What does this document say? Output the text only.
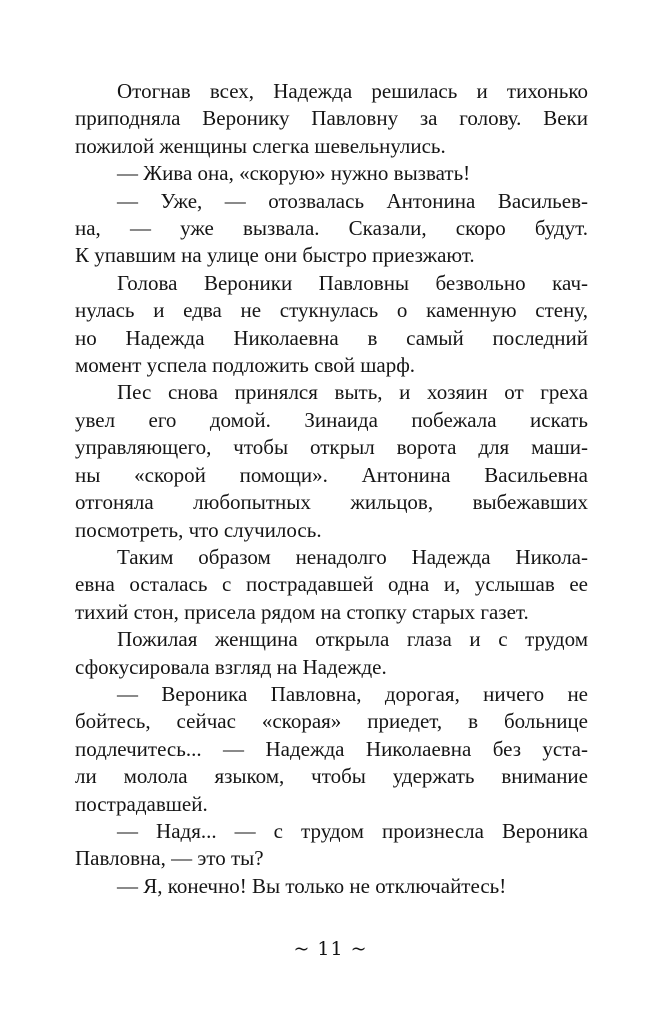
Отогнав всех, Надежда решилась и тихонько
приподняла Веронику Павловну за голову. Веки
пожилой женщины слегка шевельнулись.

— Жива она, «скорую» нужно вызвать!

— Уже, — отозвалась Антонина Васильев-
на, — уже вызвала. Сказали, скоро будут.
К упавшим на улице они быстро приезжают.

Голова Вероники Павловны безвольно кач-
нулась и едва не стукнулась о каменную стену,
но Надежда Николаевна в самый последний
момент успела подложить свой шарф.

Пес снова принялся выть, и хозяин от греха
увел его домой. Зинаида побежала искать
управляющего, чтобы открыл ворота для маши-
ны «скорой помощи». Антонина Васильевна
отгоняла любопытных жильцов, выбежавших
посмотреть, что случилось.

Таким образом ненадолго Надежда Никола-
евна осталась с пострадавшей одна и, услышав ее
тихий стон, присела рядом на стопку старых газет.

Пожилая женщина открыла глаза и с трудом
сфокусировала взгляд на Надежде.

— Вероника Павловна, дорогая, ничего не
бойтесь, сейчас «скорая» приедет, в больнице
подлечитесь... — Надежда Николаевна без уста-
ли молола языком, чтобы удержать внимание
пострадавшей.

— Надя... — с трудом произнесла Вероника
Павловна, — это ты?

— Я, конечно! Вы только не отключайтесь!

~ 11 ~
